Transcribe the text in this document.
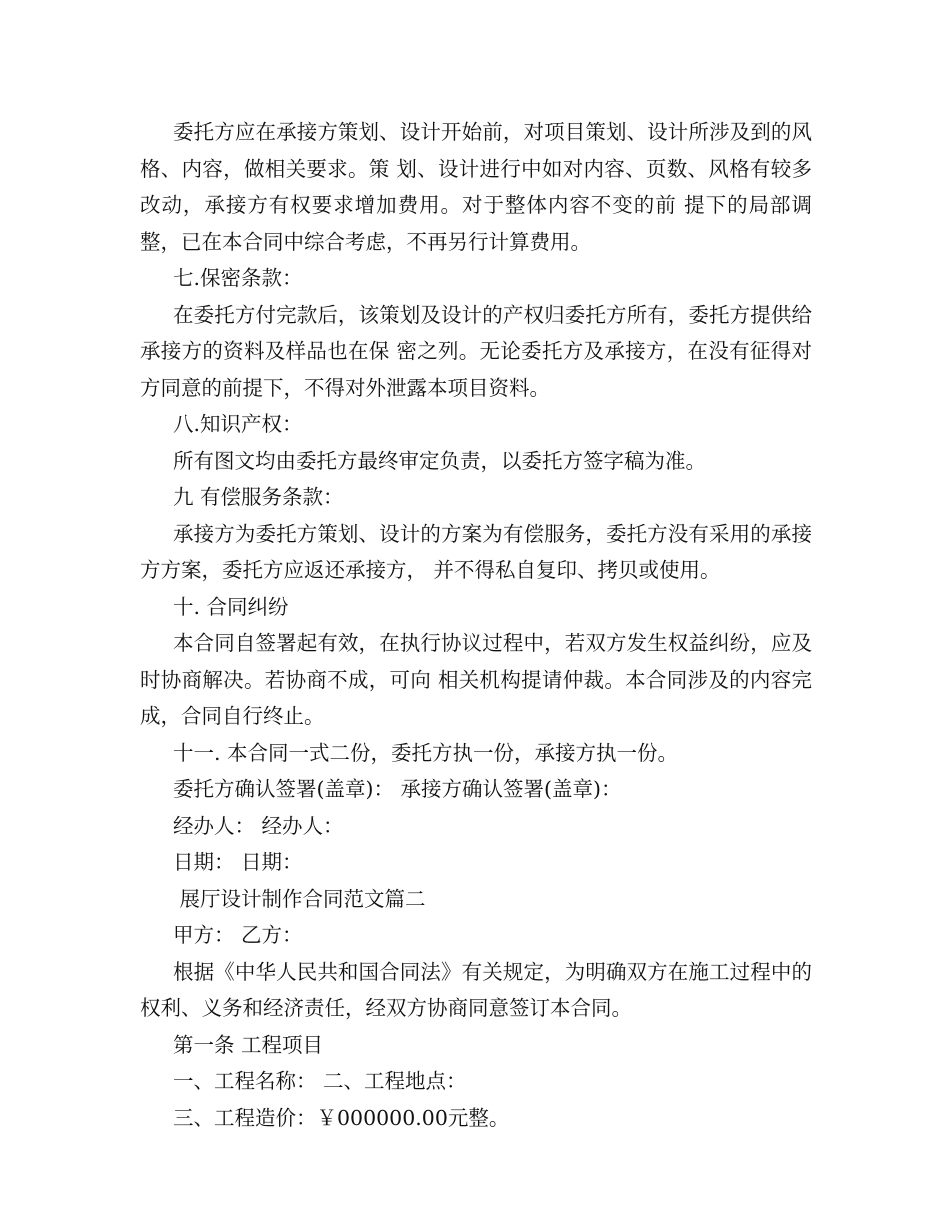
委托方应在承接方策划、设计开始前，对项目策划、设计所涉及到的风格、内容，做相关要求。策 划、设计进行中如对内容、页数、风格有较多改动，承接方有权要求增加费用。对于整体内容不变的前 提下的局部调整，已在本合同中综合考虑，不再另行计算费用。

七.保密条款：

在委托方付完款后，该策划及设计的产权归委托方所有，委托方提供给承接方的资料及样品也在保 密之列。无论委托方及承接方，在没有征得对方同意的前提下，不得对外泄露本项目资料。

八.知识产权：

所有图文均由委托方最终审定负责，以委托方签字稿为准。

九 有偿服务条款：

承接方为委托方策划、设计的方案为有偿服务，委托方没有采用的承接方方案，委托方应返还承接方， 并不得私自复印、拷贝或使用。

十. 合同纠纷

本合同自签署起有效，在执行协议过程中，若双方发生权益纠纷，应及时协商解决。若协商不成，可向 相关机构提请仲裁。本合同涉及的内容完成，合同自行终止。

十一. 本合同一式二份，委托方执一份，承接方执一份。

委托方确认签署(盖章)： 承接方确认签署(盖章)：

经办人： 经办人：

日期： 日期：

展厅设计制作合同范文篇二

甲方： 乙方：

根据《中华人民共和国合同法》有关规定，为明确双方在施工过程中的权利、义务和经济责任，经双方协商同意签订本合同。

第一条 工程项目

一、工程名称： 二、工程地点：

三、工程造价：￥000000.00元整。
